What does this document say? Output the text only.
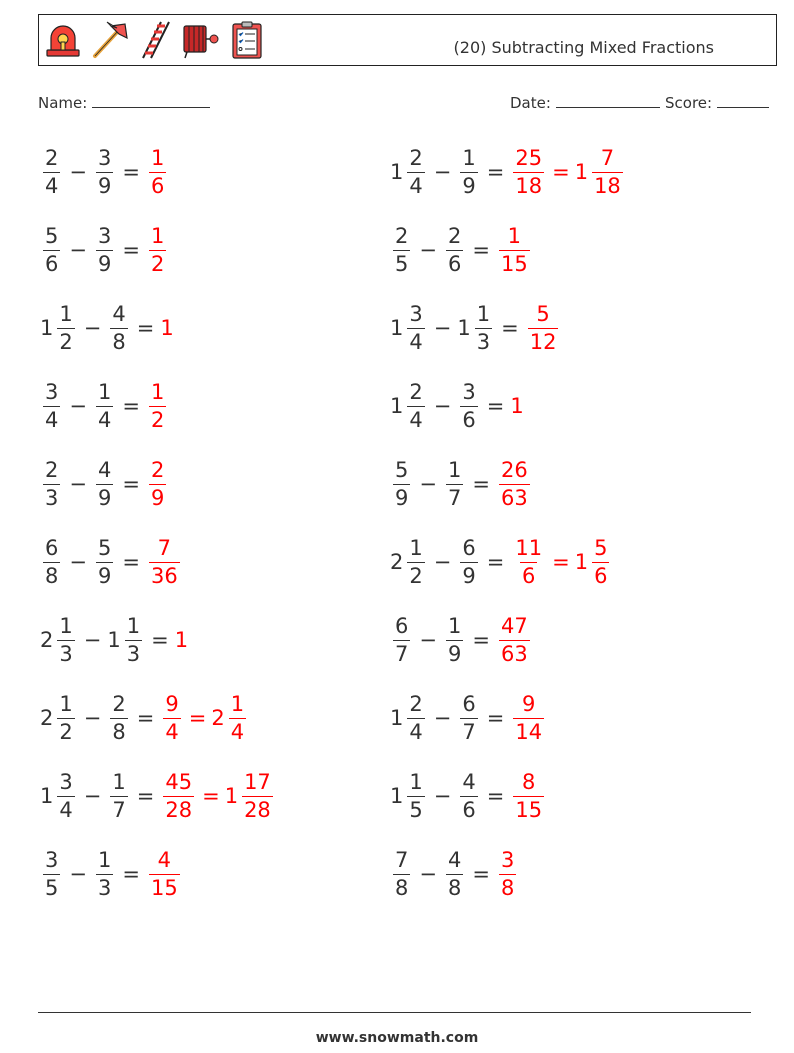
(20) Subtracting Mixed Fractions
Name:	Date:	Score:
$\frac{2}{4} - \frac{3}{9} = \frac{1}{6}$	$1 \frac{2}{4} - \frac{1}{9} = \frac{25}{18} = 1 \frac{7}{18}$
$\frac{5}{6} - \frac{3}{9} = \frac{1}{2}$	$\frac{2}{5} - \frac{2}{6} = \frac{1}{15}$
$1 \frac{1}{2} - \frac{4}{8} = 1$	$1 \frac{3}{4} - 1 \frac{1}{3} = \frac{5}{12}$
$\frac{3}{4} - \frac{1}{4} = \frac{1}{2}$	$1 \frac{2}{4} - \frac{3}{6} = 1$
$\frac{2}{3} - \frac{4}{9} = \frac{2}{9}$	$\frac{5}{9} - \frac{1}{7} = \frac{26}{63}$
$\frac{6}{8} - \frac{5}{9} = \frac{7}{36}$	$2 \frac{1}{2} - \frac{6}{9} = \frac{11}{6} = 1 \frac{5}{6}$
$2 \frac{1}{3} - 1 \frac{1}{3} = 1$	$\frac{6}{7} - \frac{1}{9} = \frac{47}{63}$
$2 \frac{1}{2} - \frac{2}{8} = \frac{9}{4} = 2 \frac{1}{4}$	$1 \frac{2}{4} - \frac{6}{7} = \frac{9}{14}$
$1 \frac{3}{4} - \frac{1}{7} = \frac{45}{28} = 1 \frac{17}{28}$	$1 \frac{1}{5} - \frac{4}{6} = \frac{8}{15}$
$\frac{3}{5} - \frac{1}{3} = \frac{4}{15}$	$\frac{7}{8} - \frac{4}{8} = \frac{3}{8}$
www.snowmath.com
